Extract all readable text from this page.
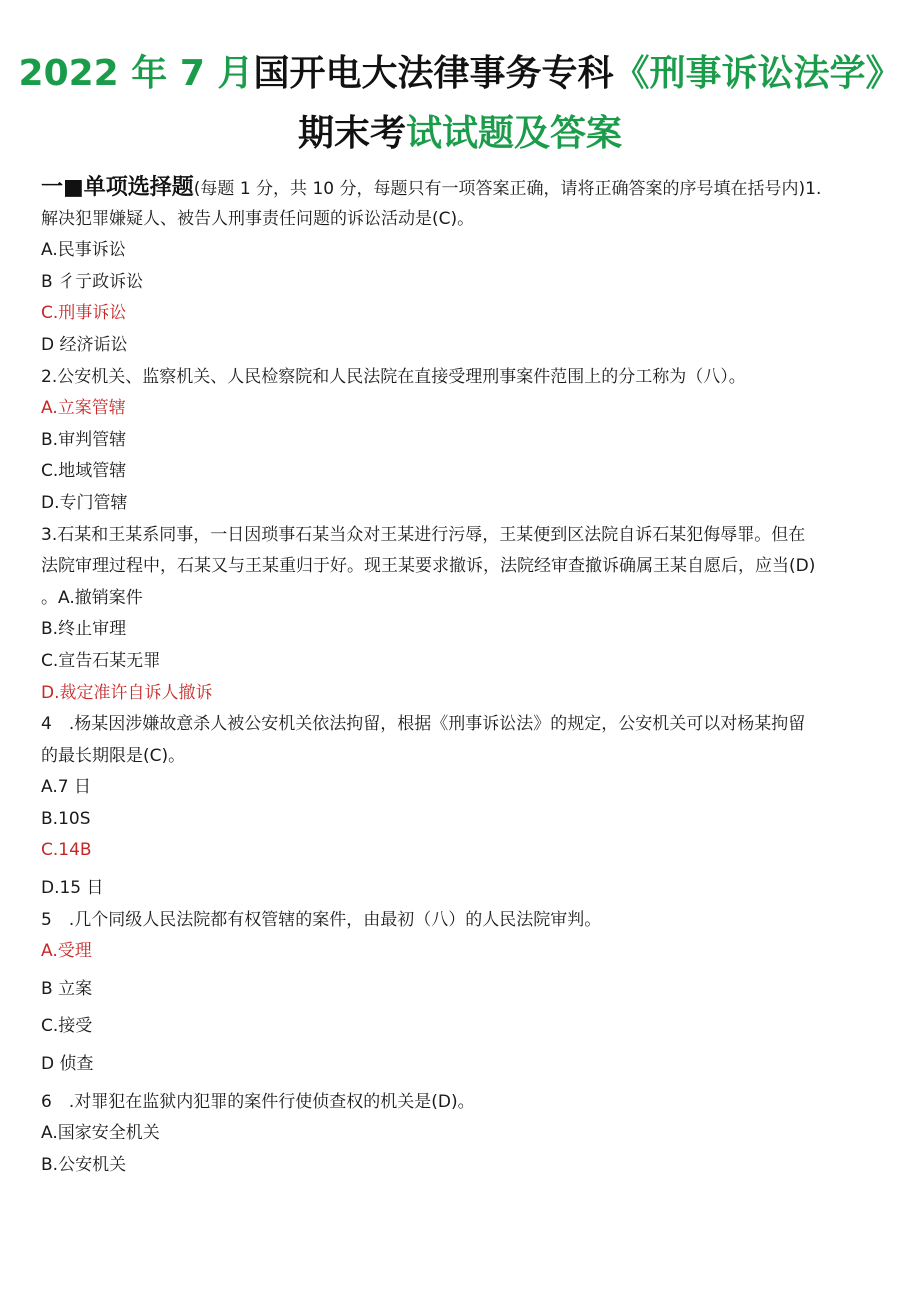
2022 年 7 月国开电大法律事务专科《刑事诉讼法学》
期末考试试题及答案
一■单项选择题(每题 1 分，共 10 分，每题只有一项答案正确，请将正确答案的序号填在括号内)1.
解决犯罪嫌疑人、被告人刑事责任问题的诉讼活动是(C)。
A.民事诉讼
B 彳亍政诉讼
C.刑事诉讼
D 经济诟讼
2.公安机关、监察机关、人民检察院和人民法院在直接受理刑事案件范围上的分工称为（八）。
A.立案管辖
B.审判管辖
C.地域管辖
D.专门管辖
3.石某和王某系同事，一日因琐事石某当众对王某进行污辱，王某便到区法院自诉石某犯侮辱罪。但在
法院审理过程中，石某又与王某重归于好。现王某要求撤诉，法院经审查撤诉确属王某自愿后，应当(D)
。A.撤销案件
B.终止审理
C.宣告石某无罪
D.裁定准许自诉人撤诉
4　.杨某因涉嫌故意杀人被公安机关依法拘留，根据《刑事诉讼法》的规定，公安机关可以对杨某拘留
的最长期限是(C)。
A.7 日
B.10S
C.14B
D.15 日
5　.几个同级人民法院都有权管辖的案件，由最初（八）的人民法院审判。
A.受理
B 立案
C.接受
D 侦查
6　.对罪犯在监狱内犯罪的案件行使侦查权的机关是(D)。
A.国家安全机关
B.公安机关
